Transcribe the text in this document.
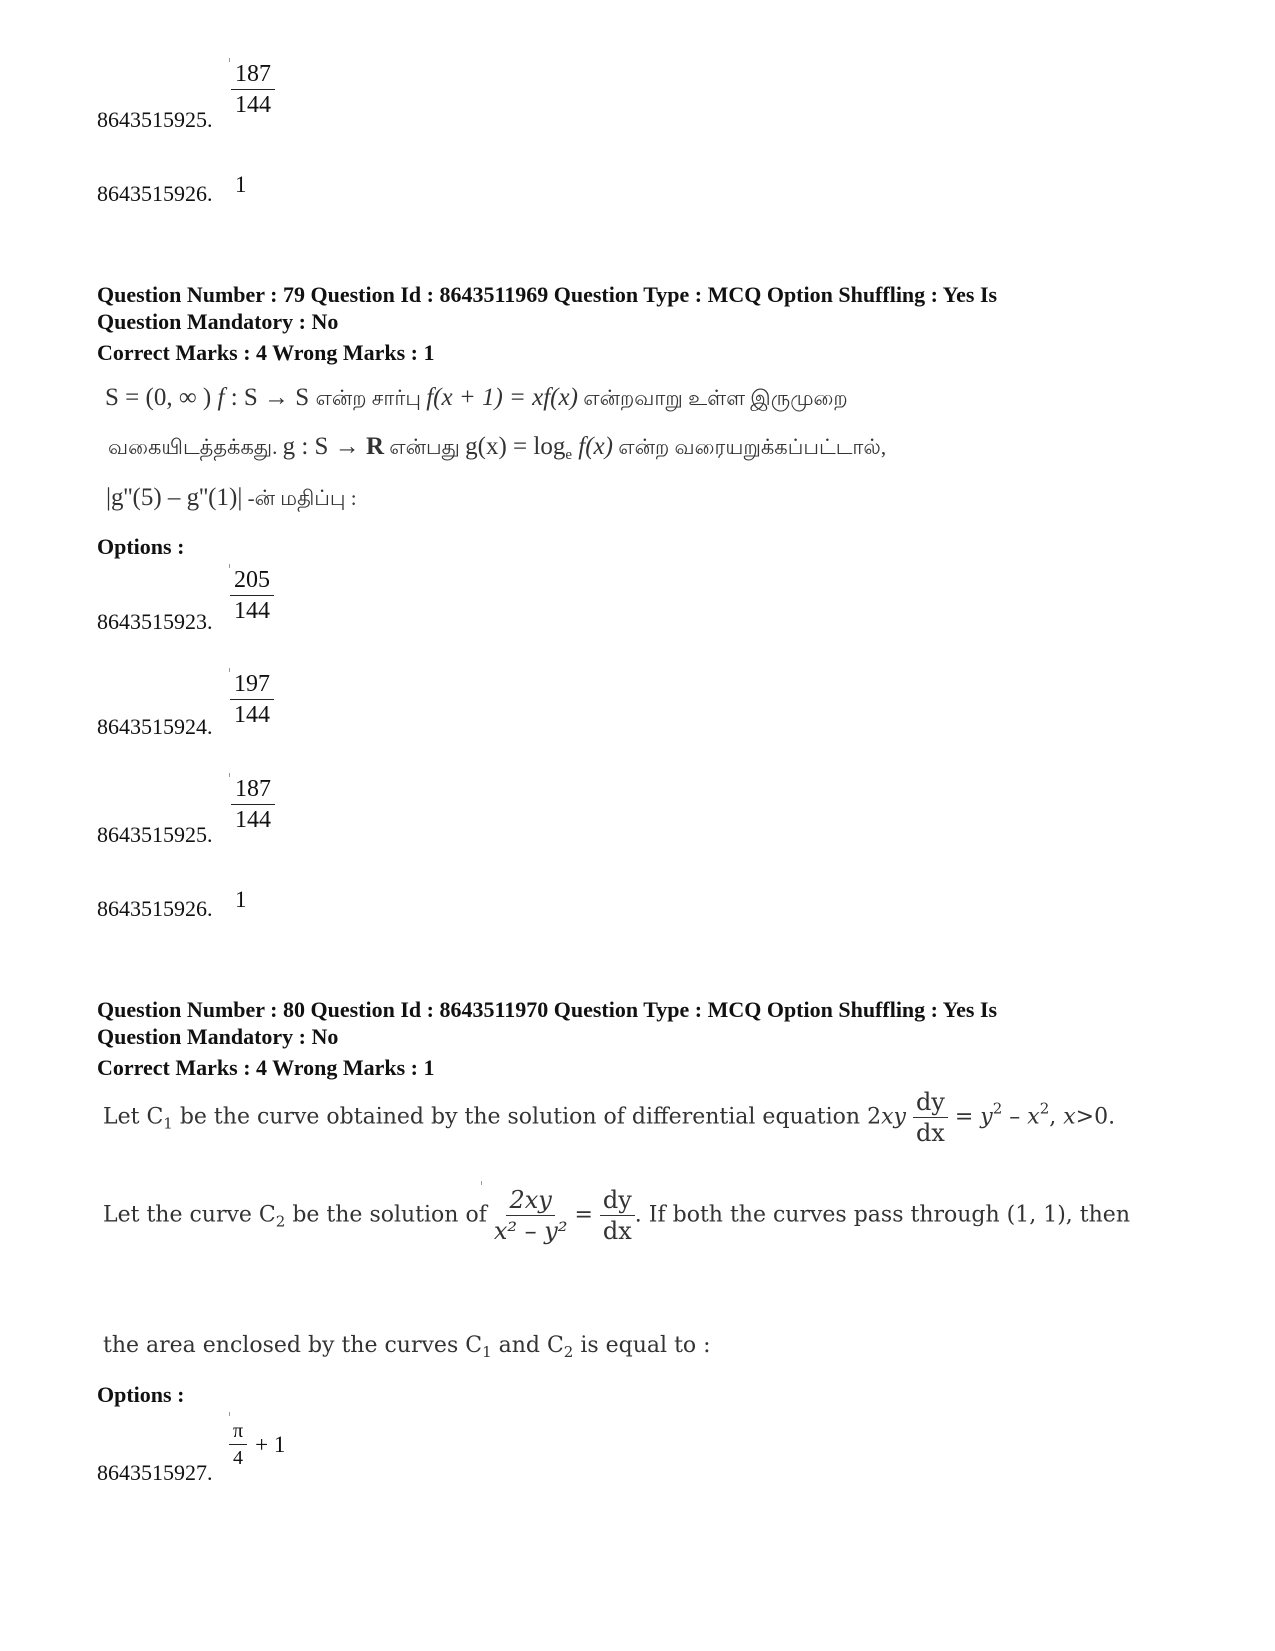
$\frac{187}{144}$
8643515925.
8643515926. 1
Question Number : 79 Question Id : 8643511969 Question Type : MCQ Option Shuffling : Yes Is
Question Mandatory : No
Correct Marks : 4 Wrong Marks : 1
S = (0, ∞ ) f : S → S என்ற சார்பு f(x + 1) = xf(x) என்றவாறு உள்ள இருமுறை
வகையிடத்தக்கது. g : S → R என்பது $g(x) = \log_e f(x)$ என்ற வரையறுக்கப்பட்டால்,
|g''(5) – g''(1)| -ன் மதிப்பு :
Options :
$\frac{205}{144}$
8643515923.
$\frac{197}{144}$
8643515924.
$\frac{187}{144}$
8643515925.
8643515926. 1
Question Number : 80 Question Id : 8643511970 Question Type : MCQ Option Shuffling : Yes Is
Question Mandatory : No
Correct Marks : 4 Wrong Marks : 1
Let $C_1$ be the curve obtained by the solution of differential equation $2xy \frac{dy}{dx} = y^2 - x^2$, x>0.
Let the curve $C_2$ be the solution of $\frac{2xy}{\text{x² – y²}} = \frac{dy}{dx}$ . If both the curves pass through (1, 1), then
the area enclosed by the curves $C_1$ and $C_2$ is equal to :
Options :
$\frac{\pi}{4} + 1$
8643515927.
